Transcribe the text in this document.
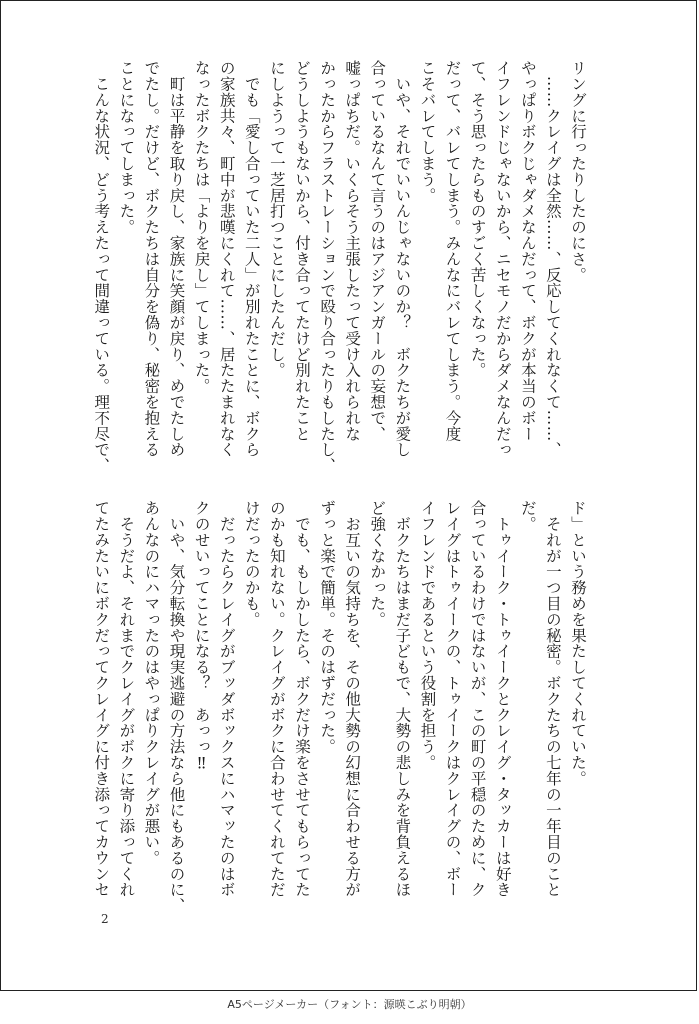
リングに行ったりしたのにさ。
　……クレイグは全然……、反応してくれなくて……、
やっぱりボクじゃダメなんだって、ボクが本当のボー
イフレンドじゃないから、ニセモノだからダメなんだっ
て、そう思ったらものすごく苦しくなった。
だって、バレてしまう。みんなにバレてしまう。今度
こそバレてしまう。
　いや、それでいいんじゃないのか？　ボクたちが愛し
合っているなんて言うのはアジアンガールの妄想で、
嘘っぱちだ。いくらそう主張したって受け入れられな
かったからフラストレーションで殴り合ったりもしたし、
どうしようもないから、付き合ってたけど別れたこと
にしようって一芝居打つことにしたんだし。
　でも「愛し合っていた二人」が別れたことに、ボクら
の家族共々、町中が悲嘆にくれて……、居たたまれなく
なったボクたちは「よりを戻し」てしまった。
　町は平静を取り戻し、家族に笑顔が戻り、めでたしめ
でたし。だけど、ボクたちは自分を偽り、秘密を抱える
ことになってしまった。
　こんな状況、どう考えたって間違っている。理不尽で、
ド」という務めを果たしてくれていた。
　それが一つ目の秘密。ボクたちの七年の一年目のこと
だ。
　トゥイーク・トゥイークとクレイグ・タッカーは好き
合っているわけではないが、この町の平穏のために、ク
レイグはトゥイークの、トゥイークはクレイグの、ボー
イフレンドであるという役割を担う。
　ボクたちはまだ子どもで、大勢の悲しみを背負えるほ
ど強くなかった。
　お互いの気持ちを、その他大勢の幻想に合わせる方が
ずっと楽で簡単。そのはずだった。
　でも、もしかしたら、ボクだけ楽をさせてもらってた
のかも知れない。クレイグがボクに合わせてくれてただ
けだったのかも。
　だったらクレイグがブッダボックスにハマッたのはボ
クのせいってことになる？　あっっ‼
　いや、気分転換や現実逃避の方法なら他にもあるのに、
あんなのにハマったのはやっぱりクレイグが悪い。
　そうだよ、それまでクレイグがボクに寄り添ってくれ
てたみたいにボクだってクレイグに付き添ってカウンセ
2
A5ページメーカー（フォント：源暎こぶり明朝）
